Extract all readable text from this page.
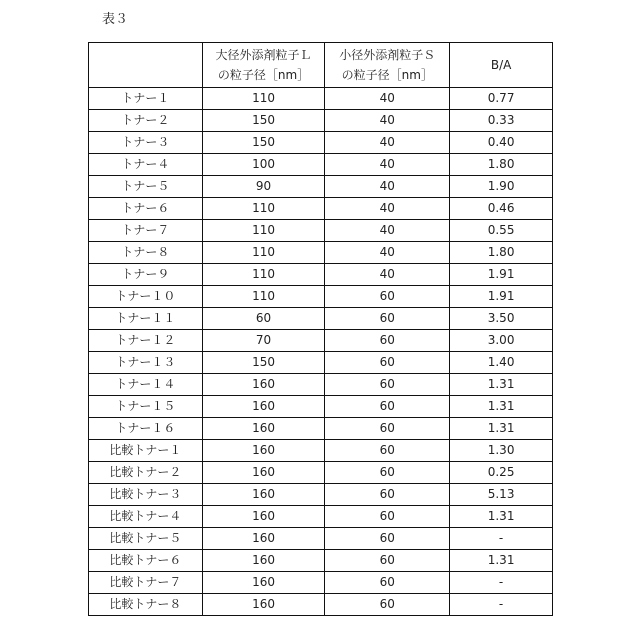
表３

大径外添剤粒子Ｌ
の粒子径［nm］

小径外添剤粒子Ｓ
の粒子径［nm］
	B/A
トナー１	110	40	0.77
トナー２	150	40	0.33
トナー３	150	40	0.40
トナー４	100	40	1.80
トナー５	90	40	1.90
トナー６	110	40	0.46
トナー７	110	40	0.55
トナー８	110	40	1.80
トナー９	110	40	1.91
トナー１０	110	60	1.91
トナー１１	60	60	3.50
トナー１２	70	60	3.00
トナー１３	150	60	1.40
トナー１４	160	60	1.31
トナー１５	160	60	1.31
トナー１６	160	60	1.31
比較トナー１	160	60	1.30
比較トナー２	160	60	0.25
比較トナー３	160	60	5.13
比較トナー４	160	60	1.31
比較トナー５	160	60	-
比較トナー６	160	60	1.31
比較トナー７	160	60	-
比較トナー８	160	60	-
